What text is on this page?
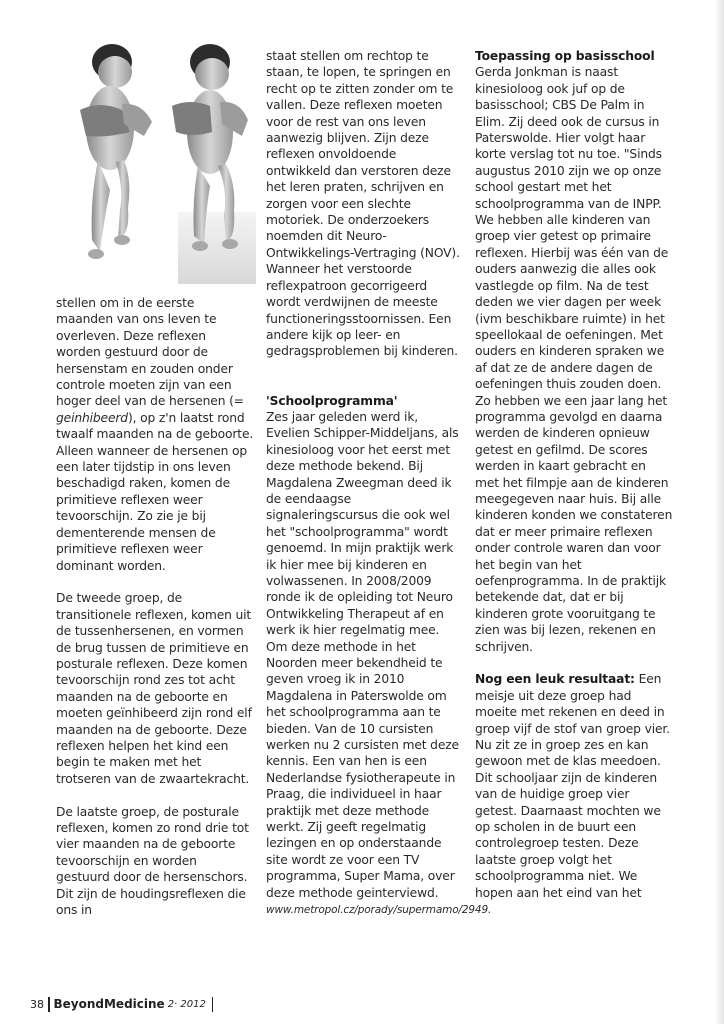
stellen om in de eerste maanden van ons leven te overleven. Deze reflexen worden gestuurd door de hersenstam en zouden onder controle moeten zijn van een hoger deel van de hersenen (= geinhibeerd), op z'n laatst rond twaalf maanden na de geboorte. Alleen wanneer de hersenen op een later tijdstip in ons leven beschadigd raken, komen de primitieve reflexen weer tevoorschijn. Zo zie je bij dementerende mensen de primitieve reflexen weer dominant worden.

De tweede groep, de transitionele reflexen, komen uit de tussenhersenen, en vormen de brug tussen de primitieve en posturale reflexen. Deze komen tevoorschijn rond zes tot acht maanden na de geboorte en moeten geïnhibeerd zijn rond elf maanden na de geboorte. Deze reflexen helpen het kind een begin te maken met het trotseren van de zwaartekracht.

De laatste groep, de posturale reflexen, komen zo rond drie tot vier maanden na de geboorte tevoorschijn en worden gestuurd door de hersenschors. Dit zijn de houdingsreflexen die ons in

staat stellen om rechtop te staan, te lopen, te springen en recht op te zitten zonder om te vallen. Deze reflexen moeten voor de rest van ons leven aanwezig blijven. Zijn deze reflexen onvoldoende ontwikkeld dan verstoren deze het leren praten, schrijven en zorgen voor een slechte motoriek. De onderzoekers noemden dit Neuro-Ontwikkelings-Vertraging (NOV). Wanneer het verstoorde reflexpatroon gecorrigeerd wordt verdwijnen de meeste functioneringsstoornissen. Een andere kijk op leer- en gedragsproblemen bij kinderen.

'Schoolprogramma'

Zes jaar geleden werd ik, Evelien Schipper-Middeljans, als kinesioloog voor het eerst met deze methode bekend. Bij Magdalena Zweegman deed ik de eendaagse signaleringscursus die ook wel het "schoolprogramma" wordt genoemd. In mijn praktijk werk ik hier mee bij kinderen en volwassenen. In 2008/2009 ronde ik de opleiding tot Neuro Ontwikkeling Therapeut af en werk ik hier regelmatig mee. Om deze methode in het Noorden meer bekendheid te geven vroeg ik in 2010 Magdalena in Paterswolde om het schoolprogramma aan te bieden. Van de 10 cursisten werken nu 2 cursisten met deze kennis. Een van hen is een Nederlandse fysiotherapeute in Praag, die individueel in haar praktijk met deze methode werkt. Zij geeft regelmatig lezingen en op onderstaande site wordt ze voor een TV programma, Super Mama, over deze methode geinterviewd. www.metropol.cz/porady/supermamo/2949.

Toepassing op basisschool

Gerda Jonkman is naast kinesioloog ook juf op de basisschool; CBS De Palm in Elim. Zij deed ook de cursus in Paterswolde. Hier volgt haar korte verslag tot nu toe. "Sinds augustus 2010 zijn we op onze school gestart met het schoolprogramma van de INPP. We hebben alle kinderen van groep vier getest op primaire reflexen. Hierbij was één van de ouders aanwezig die alles ook vastlegde op film. Na de test deden we vier dagen per week (ivm beschikbare ruimte) in het speellokaal de oefeningen. Met ouders en kinderen spraken we af dat ze de andere dagen de oefeningen thuis zouden doen. Zo hebben we een jaar lang het programma gevolgd en daarna werden de kinderen opnieuw getest en gefilmd. De scores werden in kaart gebracht en met het filmpje aan de kinderen meegegeven naar huis. Bij alle kinderen konden we constateren dat er meer primaire reflexen onder controle waren dan voor het begin van het oefenprogramma. In de praktijk betekende dat, dat er bij kinderen grote vooruitgang te zien was bij lezen, rekenen en schrijven.

Nog een leuk resultaat: Een meisje uit deze groep had moeite met rekenen en deed in groep vijf de stof van groep vier. Nu zit ze in groep zes en kan gewoon met de klas meedoen. Dit schooljaar zijn de kinderen van de huidige groep vier getest. Daarnaast mochten we op scholen in de buurt een controlegroep testen. Deze laatste groep volgt het schoolprogramma niet. We hopen aan het eind van het

38 BeyondMedicine 2· 2012
